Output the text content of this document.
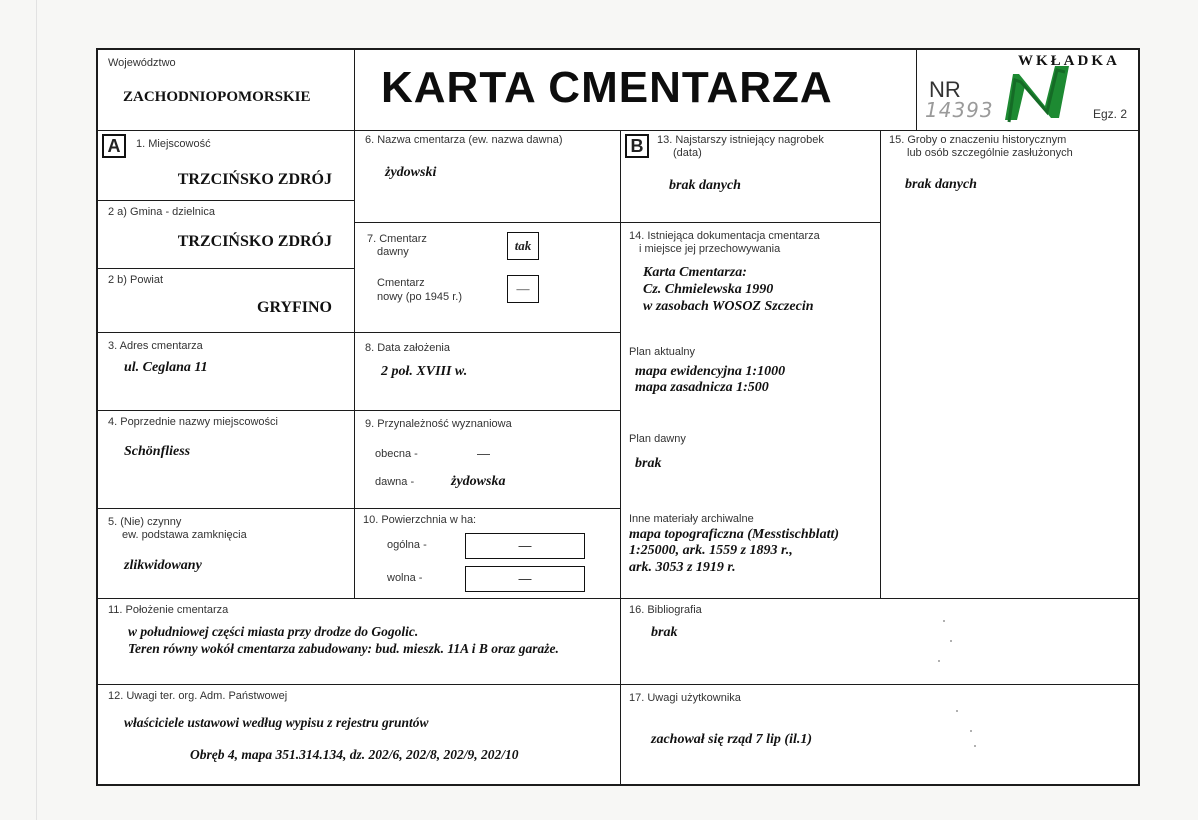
Województwo
ZACHODNIOPOMORSKIE KARTA CMENTARZA	NR
14393
WKŁADKA
Egz. 2
A	1. Miejscowość
TRZCIŃSKO ZDRÓJ
2 a) Gmina - dzielnica
TRZCIŃSKO ZDRÓJ
2 b) Powiat
GRYFINO
3. Adres cmentarza
ul. Ceglana 11
4. Poprzednie nazwy miejscowości
Schönfliess
5. (Nie) czynny
ew. podstawa zamknięcia
zlikwidowany
6. Nazwa cmentarza (ew. nazwa dawna)
żydowski
7. Cmentarz
dawny	tak
Cmentarz
nowy (po 1945 r.)
—
8. Data założenia
2 poł. XVIII w.
9. Przynależność wyznaniowa
obecna -	—
dawna -	żydowska
10. Powierzchnia w ha:
ogólna -	—
wolna -	—
B	13. Najstarszy istniejący nagrobek
(data)
brak danych
14. Istniejąca dokumentacja cmentarza
i miejsce jej przechowywania
Karta Cmentarza:
Cz. Chmielewska 1990
w zasobach WOSOZ Szczecin
Plan aktualny
mapa ewidencyjna 1:1000
mapa zasadnicza 1:500
Plan dawny
brak
Inne materiały archiwalne
mapa topograficzna (Messtischblatt)
1:25000, ark. 1559 z 1893 r.,
ark. 3053 z 1919 r.
15. Groby o znaczeniu historycznym
lub osób szczególnie zasłużonych
brak danych
11. Położenie cmentarza
w południowej części miasta przy drodze do Gogolic.
Teren równy wokół cmentarza zabudowany: bud. mieszk. 11A i B oraz garaże.
16. Bibliografia
brak
12. Uwagi ter. org. Adm. Państwowej
właściciele ustawowi według wypisu z rejestru gruntów
Obręb 4, mapa 351.314.134, dz. 202/6, 202/8, 202/9, 202/10
17. Uwagi użytkownika
zachował się rząd 7 lip (il.1)
